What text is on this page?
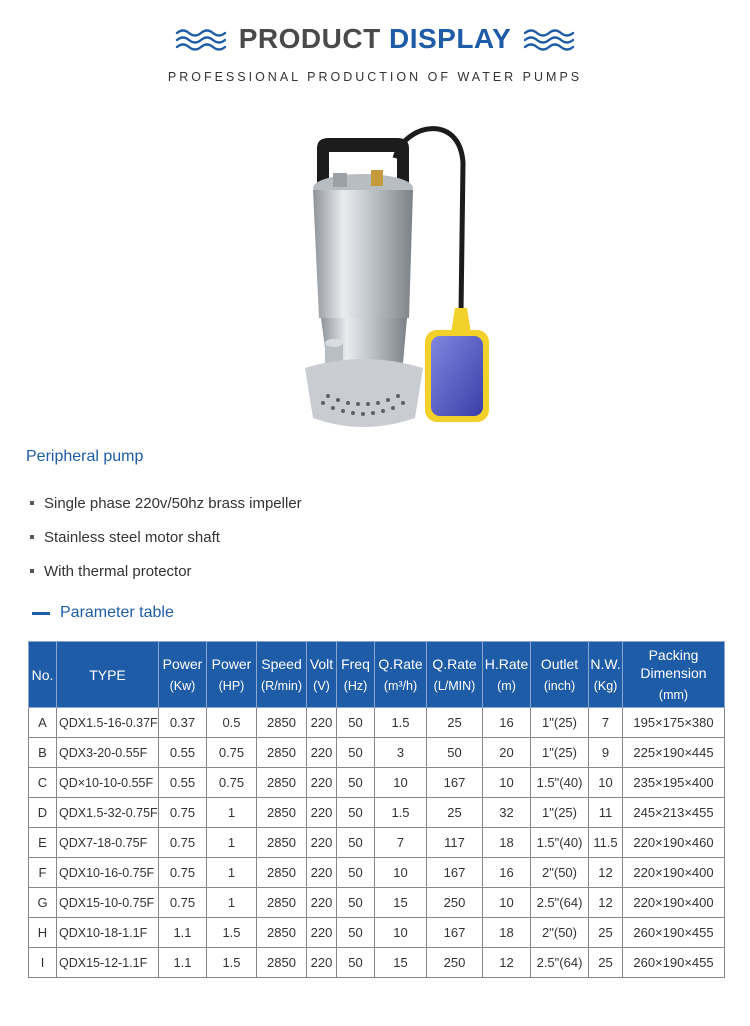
PRODUCT DISPLAY
PROFESSIONAL PRODUCTION OF WATER PUMPS
Peripheral pump
Single phase 220v/50hz brass impeller
Stainless steel motor shaft
With thermal protector
Parameter table
No.	TYPE	Power
(Kw)	Power
(HP)	Speed
(R/min)	Volt
(V)	Freq
(Hz)	Q.Rate
(m³/h)	Q.Rate
(L/MIN)	H.Rate
(m)	Outlet
(inch)	N.W.
(Kg)	Packing Dimension
(mm)

A	QDX1.5-16-0.37F	0.37	0.5	2850	220	50	1.5	25	16	1"(25)	7	195×175×380
B	QDX3-20-0.55F	0.55	0.75	2850	220	50	3	50	20	1"(25)	9	225×190×445
C	QD×10-10-0.55F	0.55	0.75	2850	220	50	10	167	10	1.5"(40)	10	235×195×400
D	QDX1.5-32-0.75F	0.75	1	2850	220	50	1.5	25	32	1"(25)	11	245×213×455
E	QDX7-18-0.75F	0.75	1	2850	220	50	7	117	18	1.5"(40)	11.5	220×190×460
F	QDX10-16-0.75F	0.75	1	2850	220	50	10	167	16	2"(50)	12	220×190×400
G	QDX15-10-0.75F	0.75	1	2850	220	50	15	250	10	2.5"(64)	12	220×190×400
H	QDX10-18-1.1F	1.1	1.5	2850	220	50	10	167	18	2"(50)	25	260×190×455
I	QDX15-12-1.1F	1.1	1.5	2850	220	50	15	250	12	2.5"(64)	25	260×190×455
